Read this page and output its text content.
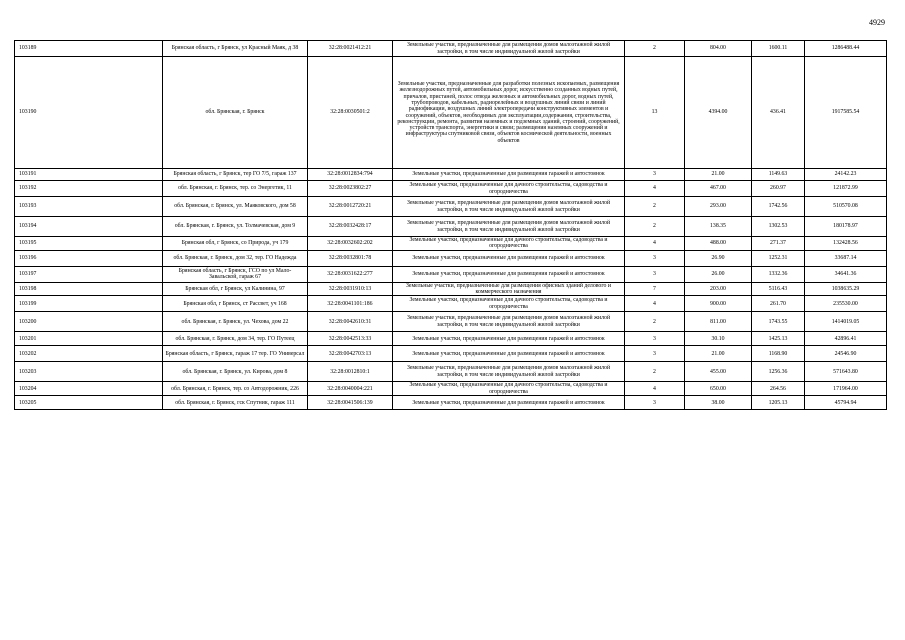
4929
103189	Брянская область, г Брянск, ул Красный Маяк, д 38	32:28:0021412:21	Земельные участки, предназначенные для размещения домов малоэтажной жилой застройки, в том числе индивидуальной жилой застройки	2	804.00	1600.11	1286488.44
103190	обл. Брянская, г. Брянск	32:28:0030501:2	Земельные участки, предназначенные для разработки полезных ископаемых, размещения железнодорожных путей, автомобильных дорог, искусственно созданных водных путей, причалов, пристаней, полос отвода железных и автомобильных дорог, водных путей, трубопроводов, кабельных, радиорелейных и воздушных линий связи и линий радиофикации, воздушных линий электропередачи конструктивных элементов и сооружений, объектов, необходимых для эксплуатации,содержания, строительства, реконструкции, ремонта, развития наземных и подземных зданий, строений, сооружений, устройств транспорта, энергетики и связи; размещения наземных сооружений и инфраструктуры спутниковой связи, объектов космической деятельности, военных объектов	13	4394.00	436.41	1917585.54
103191	Брянская область, г Брянск, тер ГО 7/5, гараж 137	32:28:0012834:794	Земельные участки, предназначенные для размещения гаражей и автостоянок	3	21.00	1149.63	24142.23
103192	обл. Брянская, г. Брянск, тер. со Энергетик, 11	32:28:0023802:27	Земельные участки, предназначенные для дачного строительства, садоводства и огородничества	4	467.00	260.97	121872.99
103193	обл. Брянская, г. Брянск, ул. Маяковского, дом 58	32:28:0012720:21	Земельные участки, предназначенные для размещения домов малоэтажной жилой застройки, в том числе индивидуальной жилой застройки	2	293.00	1742.56	510570.08
103194	обл. Брянская, г. Брянск, ул. Толмачевская, дом 9	32:28:0032428:17	Земельные участки, предназначенные для размещения домов малоэтажной жилой застройки, в том числе индивидуальной жилой застройки	2	138.35	1302.53	180178.97
103195	Брянская обл, г Брянск, со Природа, уч 179	32:28:0032602:202	Земельные участки, предназначенные для дачного строительства, садоводства и огородничества	4	488.00	271.37	132428.56
103196	обл. Брянская, г. Брянск, дом 32, тер. ГО Надежда	32:28:0032801:78	Земельные участки, предназначенные для размещения гаражей и автостоянок	3	26.90	1252.31	33687.14
103197	Брянская область, г Брянск, ГСО по ул Мало-Завальской, гараж 67	32:28:0031622:277	Земельные участки, предназначенные для размещения гаражей и автостоянок	3	26.00	1332.36	34641.36
103198	Брянская обл, г Брянск, ул Калинина, 97	32:28:0031910:13	Земельные участки, предназначенные для размещения офисных зданий делового и коммерческого назначения	7	203.00	5116.43	1038635.29
103199	Брянская обл, г Брянск, ст Рассвет, уч 168	32:28:0041101:186	Земельные участки, предназначенные для дачного строительства, садоводства и огородничества	4	900.00	261.70	235530.00
103200	обл. Брянская, г. Брянск, ул. Чехова, дом 22	32:28:0042610:31	Земельные участки, предназначенные для размещения домов малоэтажной жилой застройки, в том числе индивидуальной жилой застройки	2	811.00	1743.55	1414019.05
103201	обл. Брянская, г. Брянск, дом 34, тер. ГО Путеец	32:28:0042513:33	Земельные участки, предназначенные для размещения гаражей и автостоянок	3	30.10	1425.13	42896.41
103202	Брянская область, г Брянск, гараж 17 тер. ГО Универсал	32:28:0042703:13	Земельные участки, предназначенные для размещения гаражей и автостоянок	3	21.00	1168.90	24546.90
103203	обл. Брянская, г. Брянск, ул. Кирова, дом 8	32:28:0012810:1	Земельные участки, предназначенные для размещения домов малоэтажной жилой застройки, в том числе индивидуальной жилой застройки	2	455.00	1256.36	571643.80
103204	обл. Брянская, г. Брянск, тер. со Автодорожник, 226	32:28:0040004:221	Земельные участки, предназначенные для дачного строительства, садоводства и огородничества	4	650.00	264.56	171964.00
103205	обл. Брянская, г. Брянск, гск Спутник, гараж 111	32:28:0041506:139	Земельные участки, предназначенные для размещения гаражей и автостоянок	3	38.00	1205.13	45794.94
